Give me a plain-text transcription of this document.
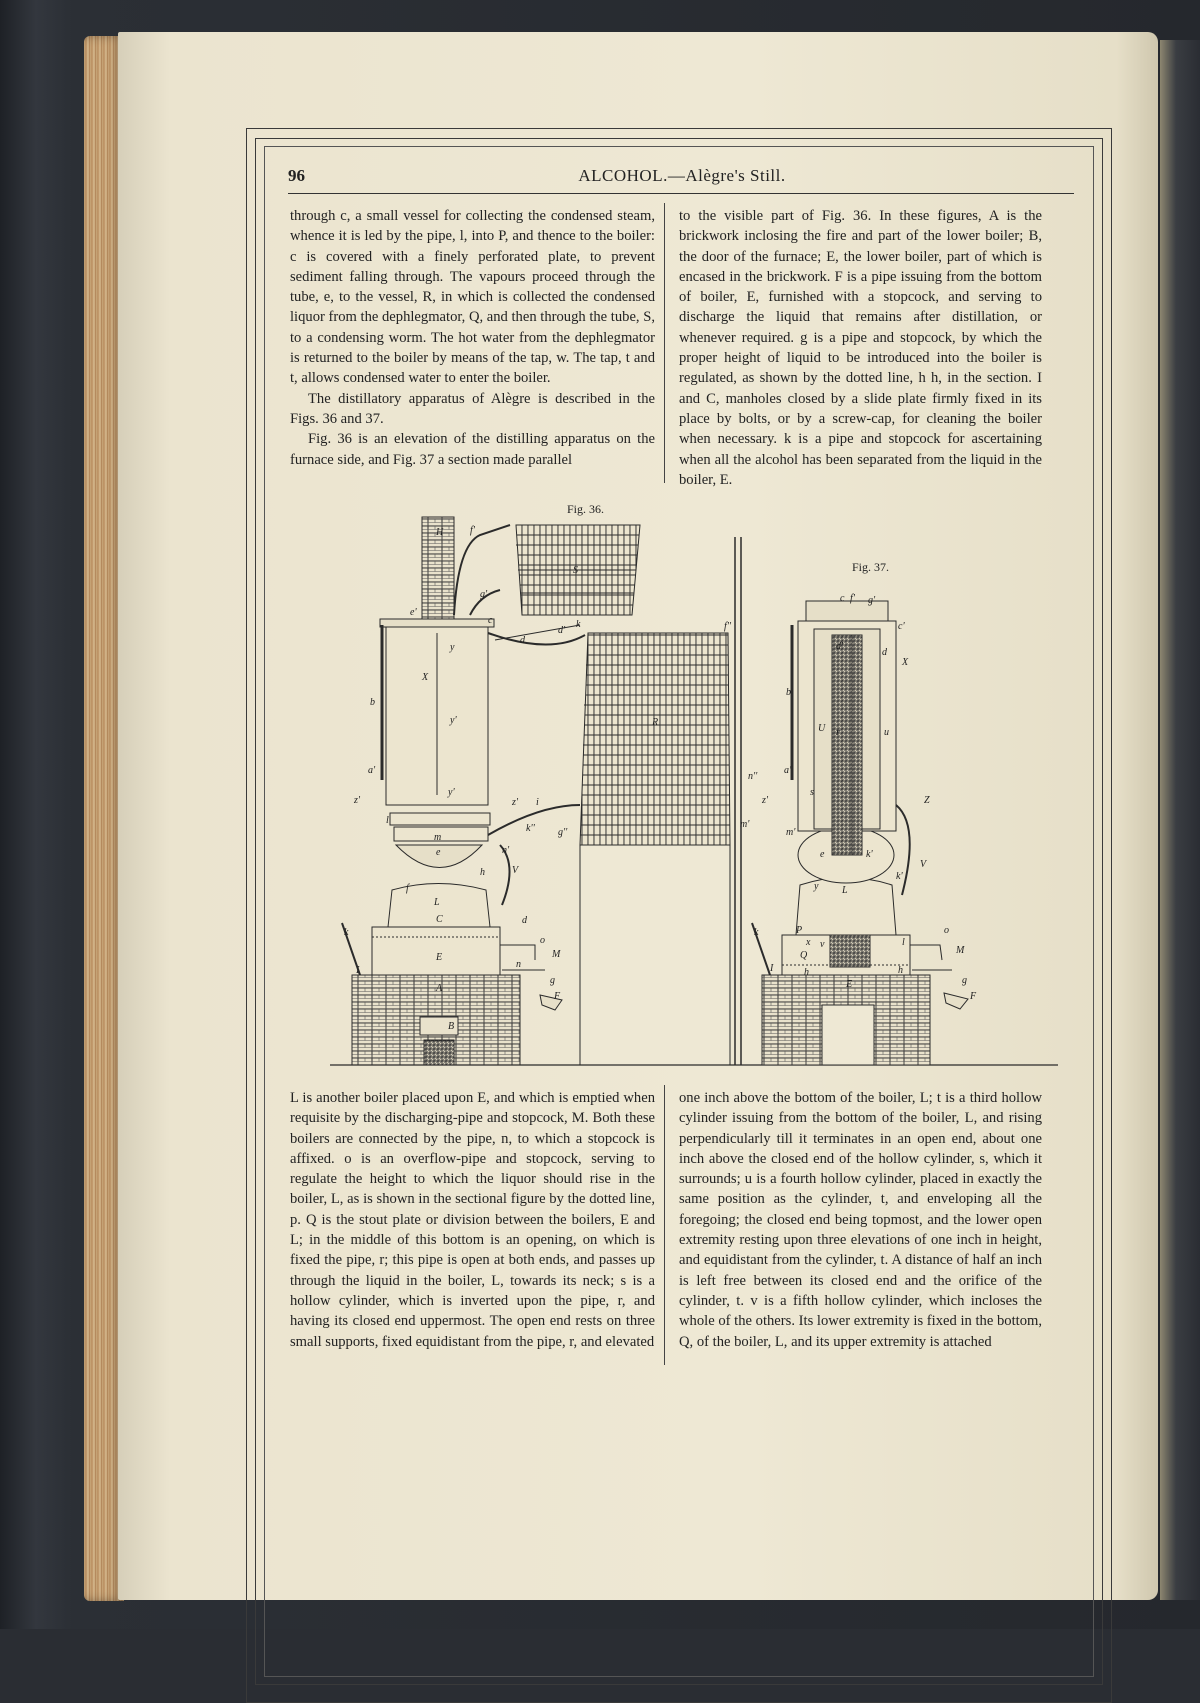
96	ALCOHOL.—Alègre's Still.

through c, a small vessel for collecting the condensed steam, whence it is led by the pipe, l, into P, and thence to the boiler: c is covered with a finely perforated plate, to prevent sediment falling through. The vapours proceed through the tube, e, to the vessel, R, in which is collected the condensed liquor from the dephlegmator, Q, and then through the tube, S, to a condensing worm. The hot water from the dephlegmator is returned to the boiler by means of the tap, w. The tap, t and t, allows condensed water to enter the boiler.

The distillatory apparatus of Alègre is described in the Figs. 36 and 37.

Fig. 36 is an elevation of the distilling apparatus on the furnace side, and Fig. 37 a section made parallel

to the visible part of Fig. 36. In these figures, A is the brickwork inclosing the fire and part of the lower boiler; B, the door of the furnace; E, the lower boiler, part of which is encased in the brickwork. F is a pipe issuing from the bottom of boiler, E, furnished with a stopcock, and serving to discharge the liquid that remains after distillation, or whenever required. g is a pipe and stopcock, by which the proper height of liquid to be introduced into the boiler is regulated, as shown by the dotted line, h h, in the section. I and C, manholes closed by a slide plate firmly fixed in its place by bolts, or by a screw-cap, for cleaning the boiler when necessary. k is a pipe and stopcock for ascertaining when all the alcohol has been separated from the liquid in the boiler, E.

L is another boiler placed upon E, and which is emptied when requisite by the discharging-pipe and stopcock, M. Both these boilers are connected by the pipe, n, to which a stopcock is affixed. o is an overflow-pipe and stopcock, serving to regulate the height to which the liquor should rise in the boiler, L, as is shown in the sectional figure by the dotted line, p. Q is the stout plate or division between the boilers, E and L; in the middle of this bottom is an opening, on which is fixed the pipe, r; this pipe is open at both ends, and passes up through the liquid in the boiler, L, towards its neck; s is a hollow cylinder, which is inverted upon the pipe, r, and having its closed end uppermost. The open end rests on three small supports, fixed equidistant from the pipe, r, and elevated

one inch above the bottom of the boiler, L; t is a third hollow cylinder issuing from the bottom of the boiler, L, and rising perpendicularly till it terminates in an open end, about one inch above the closed end of the hollow cylinder, s, which it surrounds; u is a fourth hollow cylinder, placed in exactly the same position as the cylinder, t, and enveloping all the foregoing; the closed end being topmost, and the lower open extremity resting upon three elevations of one inch in height, and equidistant from the cylinder, t. A distance of half an inch is left free between its closed end and the orifice of the cylinder, t. v is a fifth hollow cylinder, which incloses the whole of the others. Its lower extremity is fixed in the bottom, Q, of the boiler, L, and its upper extremity is attached

Fig. 36.
Fig. 37.
H	f'
S
g'
e'
c	k
d'
d
f''
y
X
b
y'	R
a'
n''
y'
z'	z' i
l
k'' g''
m'
m
n'
e
h	V
f
L
C
k
d
o
M
I
E
n
g
A
F
B
c f' g'
c'
d'
d
X
b
U	u
r
a'
z'	Z
s
m'
e	k'
V
L
k'
y
k	P
x v
o
M
Q
I	h	h
g
E
F
l
